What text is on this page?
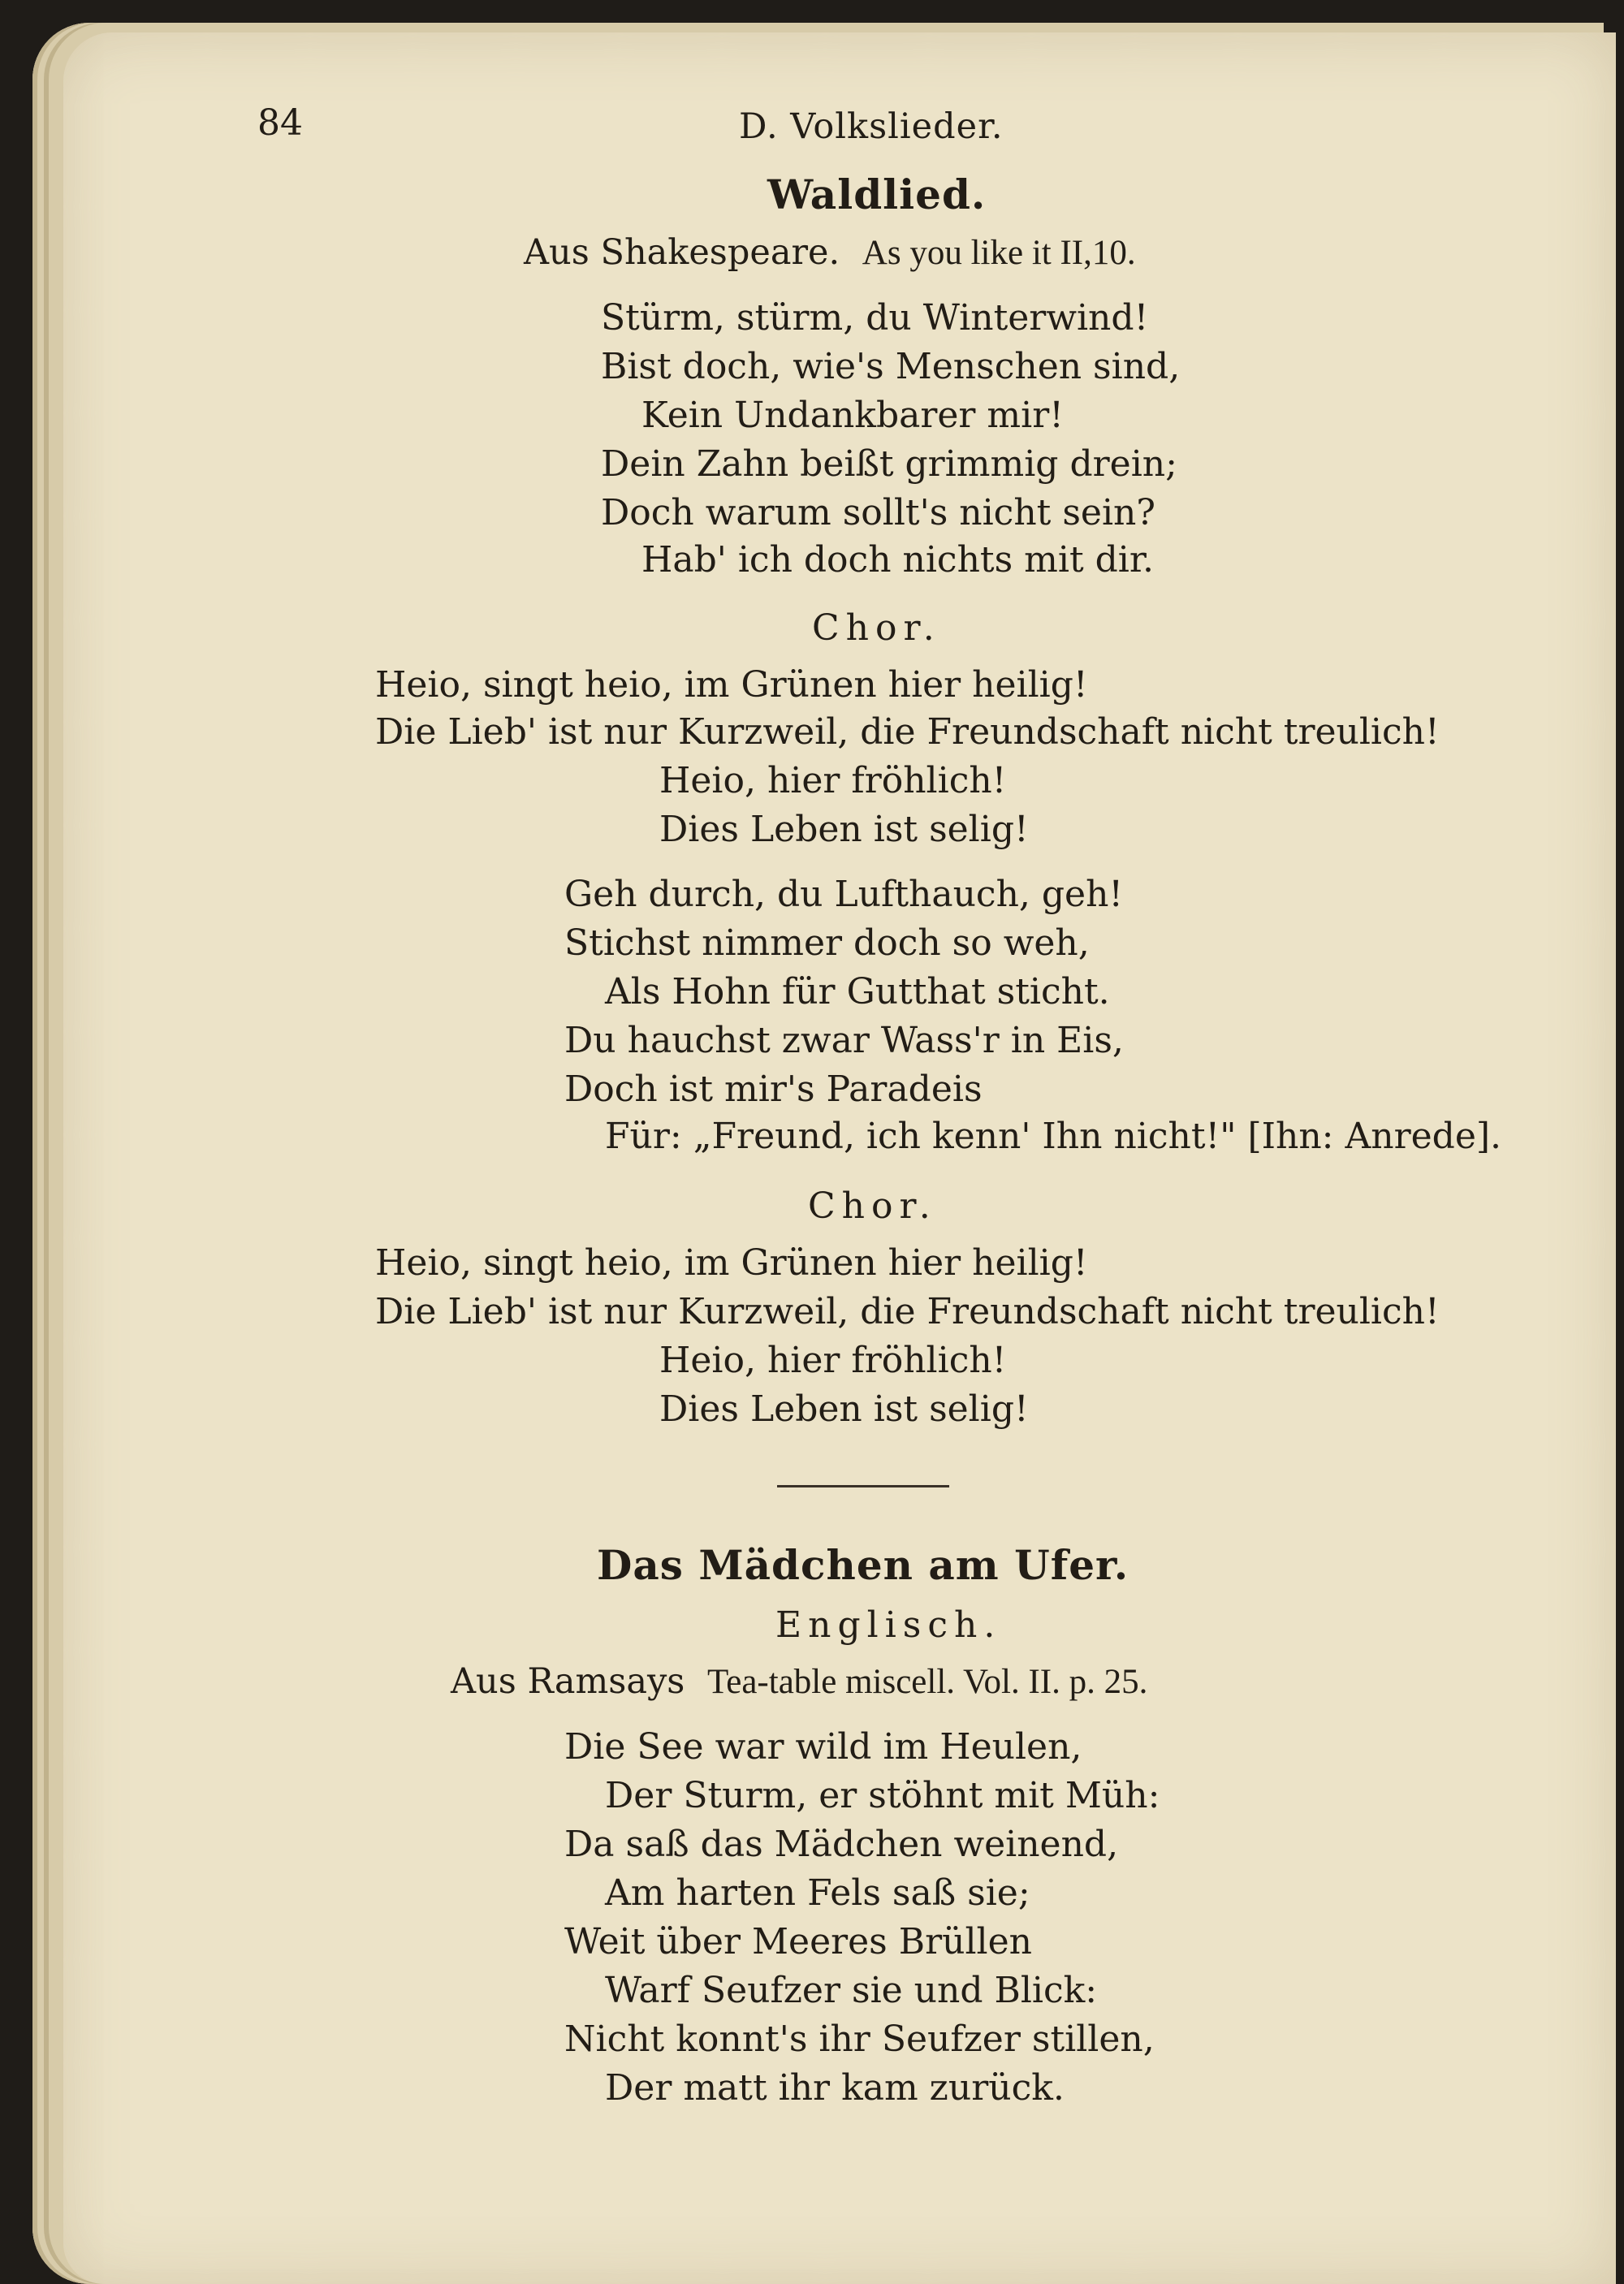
84	D. Volkslieder.
Waldlied.
Aus Shakespeare. As you like it II,10.
Stürm, stürm, du Winterwind!
Bist doch, wie's Menschen sind,
Kein Undankbarer mir!
Dein Zahn beißt grimmig drein;
Doch warum sollt's nicht sein?
Hab' ich doch nichts mit dir.
Chor.
Heio, singt heio, im Grünen hier heilig!
Die Lieb' ist nur Kurzweil, die Freundschaft nicht treulich!
Heio, hier fröhlich!
Dies Leben ist selig!
Geh durch, du Lufthauch, geh!
Stichst nimmer doch so weh,
Als Hohn für Gutthat sticht.
Du hauchst zwar Wass'r in Eis,
Doch ist mir's Paradeis
Für: „Freund, ich kenn' Ihn nicht!" [Ihn: Anrede].
Chor.
Heio, singt heio, im Grünen hier heilig!
Die Lieb' ist nur Kurzweil, die Freundschaft nicht treulich!
Heio, hier fröhlich!
Dies Leben ist selig!
Das Mädchen am Ufer.
Englisch.
Aus Ramsays Tea-table miscell. Vol. II. p. 25.
Die See war wild im Heulen,
Der Sturm, er stöhnt mit Müh:
Da saß das Mädchen weinend,
Am harten Fels saß sie;
Weit über Meeres Brüllen
Warf Seufzer sie und Blick:
Nicht konnt's ihr Seufzer stillen,
Der matt ihr kam zurück.
